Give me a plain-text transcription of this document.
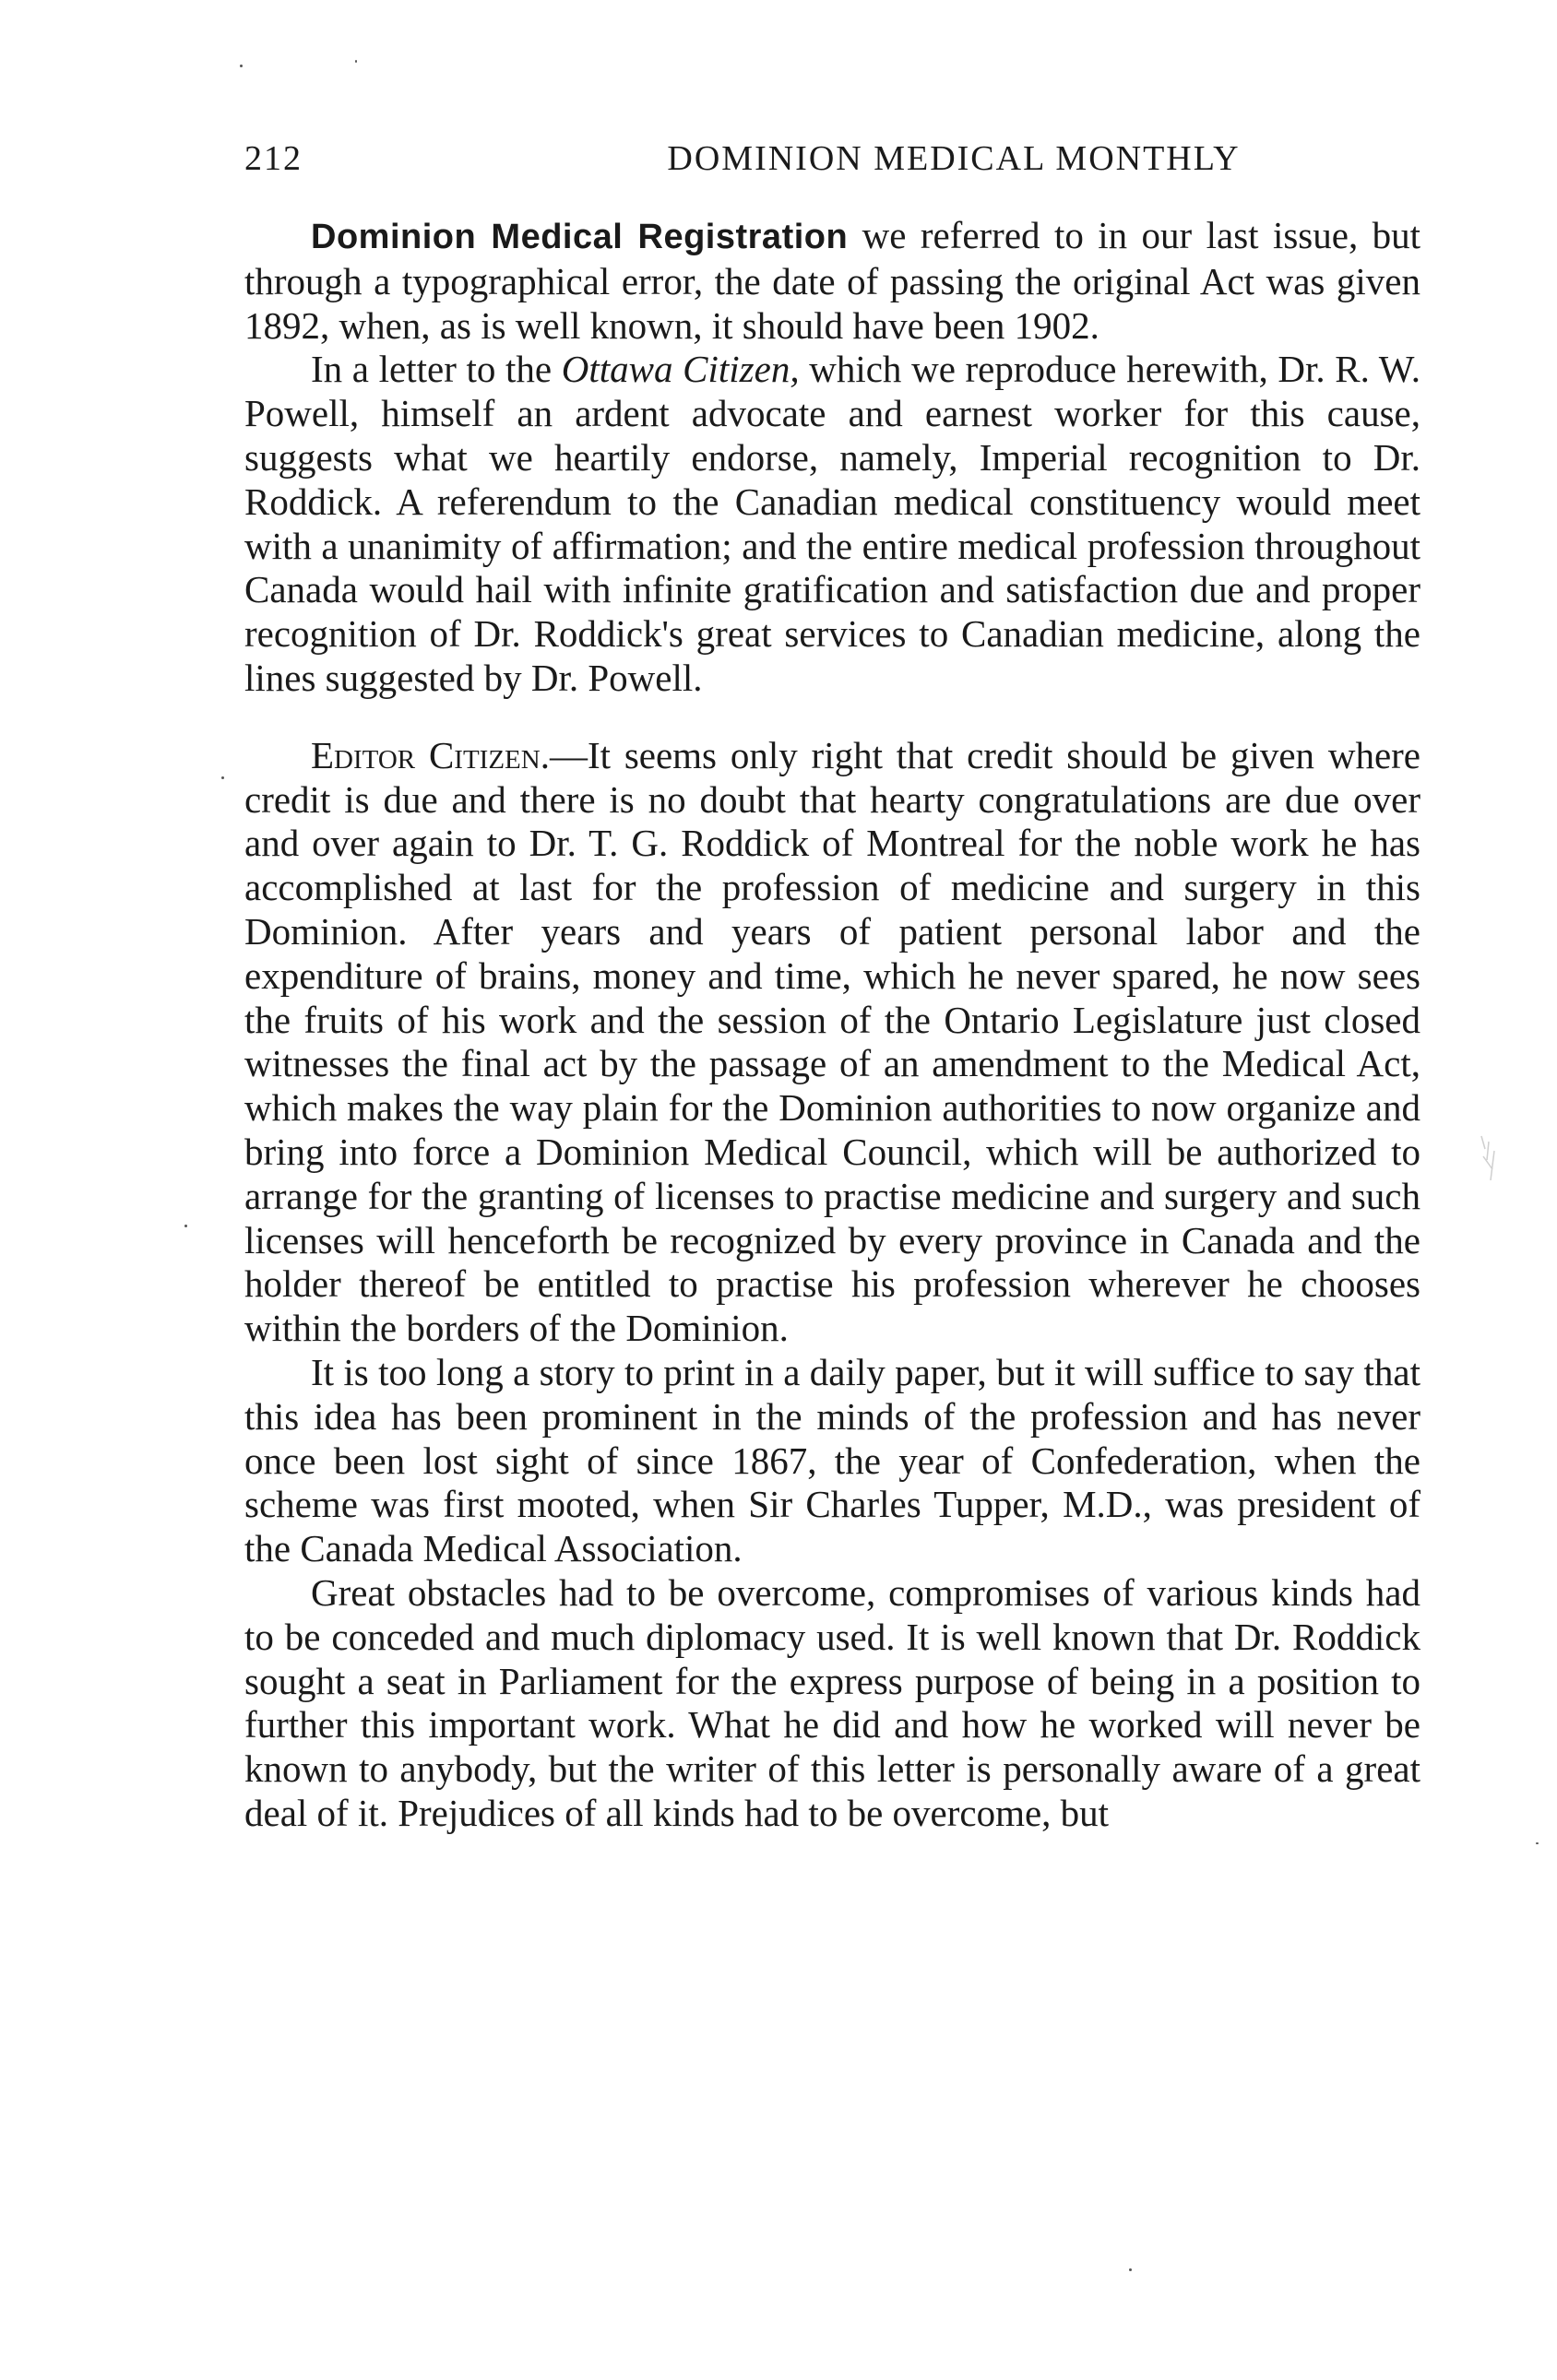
212	DOMINION MEDICAL MONTHLY

Dominion Medical Registration we referred to in our last issue, but through a typographical error, the date of passing the original Act was given 1892, when, as is well known, it should have been 1902.

In a letter to the Ottawa Citizen, which we reproduce herewith, Dr. R. W. Powell, himself an ardent advocate and earnest worker for this cause, suggests what we heartily endorse, namely, Imperial recognition to Dr. Roddick. A referendum to the Canadian medical constituency would meet with a unanimity of affirmation; and the entire medical profession throughout Canada would hail with infinite gratification and satisfaction due and proper recognition of Dr. Roddick's great services to Canadian medicine, along the lines suggested by Dr. Powell.

Editor Citizen.—It seems only right that credit should be given where credit is due and there is no doubt that hearty congratulations are due over and over again to Dr. T. G. Roddick of Montreal for the noble work he has accomplished at last for the profession of medicine and surgery in this Dominion. After years and years of patient personal labor and the expenditure of brains, money and time, which he never spared, he now sees the fruits of his work and the session of the Ontario Legislature just closed witnesses the final act by the passage of an amendment to the Medical Act, which makes the way plain for the Dominion authorities to now organize and bring into force a Dominion Medical Council, which will be authorized to arrange for the granting of licenses to practise medicine and surgery and such licenses will henceforth be recognized by every province in Canada and the holder thereof be entitled to practise his profession wherever he chooses within the borders of the Dominion.

It is too long a story to print in a daily paper, but it will suffice to say that this idea has been prominent in the minds of the profession and has never once been lost sight of since 1867, the year of Confederation, when the scheme was first mooted, when Sir Charles Tupper, M.D., was president of the Canada Medical Association.

Great obstacles had to be overcome, compromises of various kinds had to be conceded and much diplomacy used. It is well known that Dr. Roddick sought a seat in Parliament for the express purpose of being in a position to further this important work. What he did and how he worked will never be known to anybody, but the writer of this letter is personally aware of a great deal of it. Prejudices of all kinds had to be overcome, but
